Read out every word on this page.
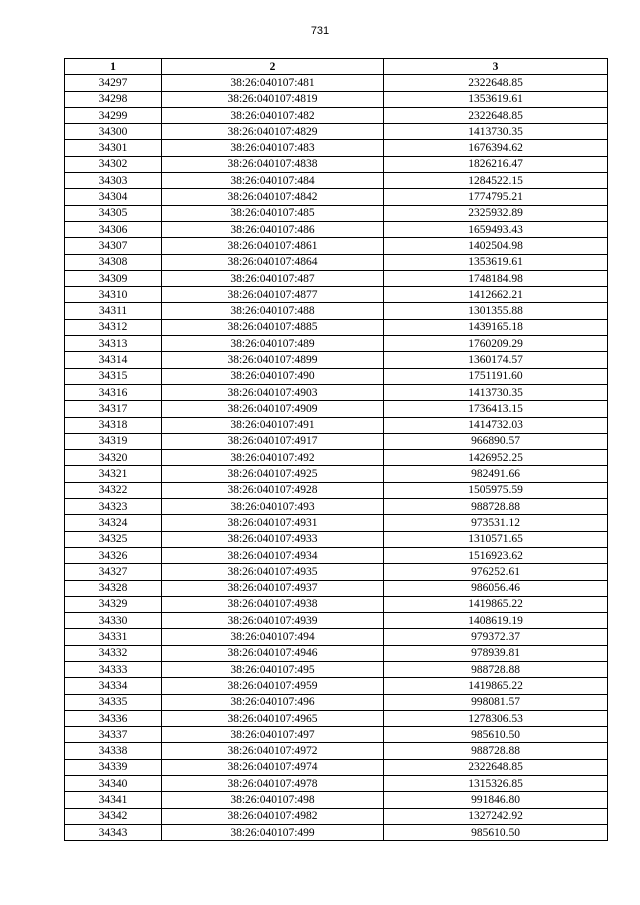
731
1	2	3
34297	38:26:040107:481	2322648.85
34298	38:26:040107:4819	1353619.61
34299	38:26:040107:482	2322648.85
34300	38:26:040107:4829	1413730.35
34301	38:26:040107:483	1676394.62
34302	38:26:040107:4838	1826216.47
34303	38:26:040107:484	1284522.15
34304	38:26:040107:4842	1774795.21
34305	38:26:040107:485	2325932.89
34306	38:26:040107:486	1659493.43
34307	38:26:040107:4861	1402504.98
34308	38:26:040107:4864	1353619.61
34309	38:26:040107:487	1748184.98
34310	38:26:040107:4877	1412662.21
34311	38:26:040107:488	1301355.88
34312	38:26:040107:4885	1439165.18
34313	38:26:040107:489	1760209.29
34314	38:26:040107:4899	1360174.57
34315	38:26:040107:490	1751191.60
34316	38:26:040107:4903	1413730.35
34317	38:26:040107:4909	1736413.15
34318	38:26:040107:491	1414732.03
34319	38:26:040107:4917	966890.57
34320	38:26:040107:492	1426952.25
34321	38:26:040107:4925	982491.66
34322	38:26:040107:4928	1505975.59
34323	38:26:040107:493	988728.88
34324	38:26:040107:4931	973531.12
34325	38:26:040107:4933	1310571.65
34326	38:26:040107:4934	1516923.62
34327	38:26:040107:4935	976252.61
34328	38:26:040107:4937	986056.46
34329	38:26:040107:4938	1419865.22
34330	38:26:040107:4939	1408619.19
34331	38:26:040107:494	979372.37
34332	38:26:040107:4946	978939.81
34333	38:26:040107:495	988728.88
34334	38:26:040107:4959	1419865.22
34335	38:26:040107:496	998081.57
34336	38:26:040107:4965	1278306.53
34337	38:26:040107:497	985610.50
34338	38:26:040107:4972	988728.88
34339	38:26:040107:4974	2322648.85
34340	38:26:040107:4978	1315326.85
34341	38:26:040107:498	991846.80
34342	38:26:040107:4982	1327242.92
34343	38:26:040107:499	985610.50
